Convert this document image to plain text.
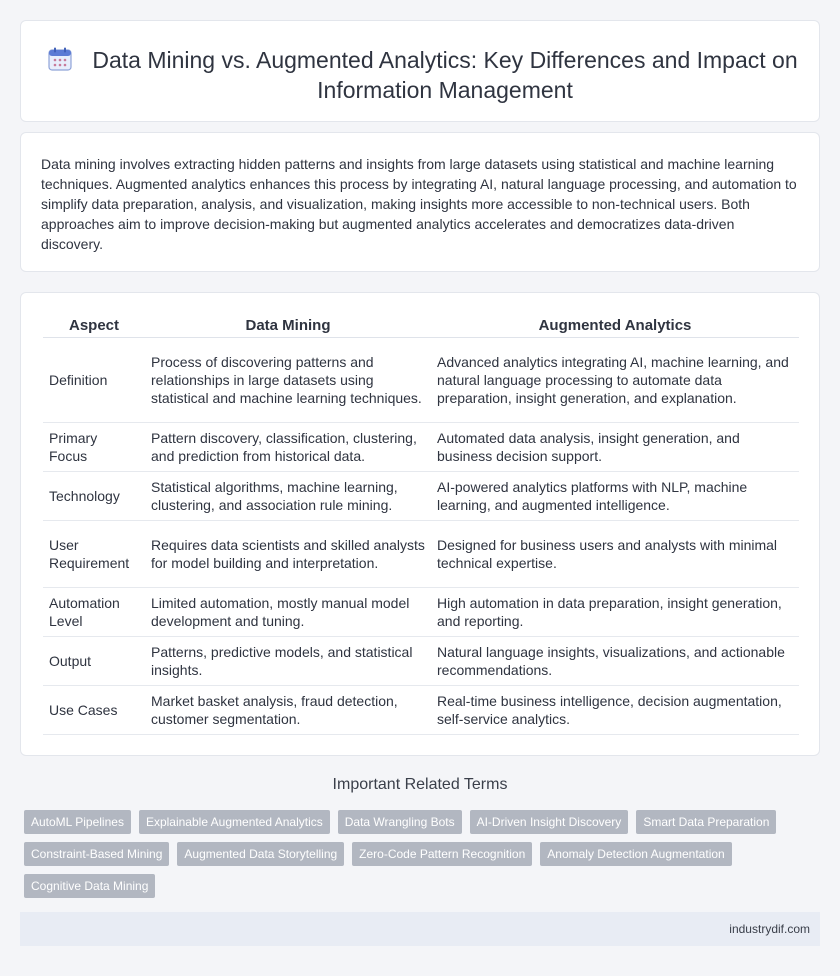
Data Mining vs. Augmented Analytics: Key Differences and Impact on Information Management

Data mining involves extracting hidden patterns and insights from large datasets using statistical and machine learning techniques. Augmented analytics enhances this process by integrating AI, natural language processing, and automation to simplify data preparation, analysis, and visualization, making insights more accessible to non-technical users. Both approaches aim to improve decision-making but augmented analytics accelerates and democratizes data-driven discovery.

Aspect	Data Mining	Augmented Analytics
Definition	Process of discovering patterns and relationships in large datasets using statistical and machine learning techniques.	Advanced analytics integrating AI, machine learning, and natural language processing to automate data preparation, insight generation, and explanation.
Primary Focus	Pattern discovery, classification, clustering, and prediction from historical data.	Automated data analysis, insight generation, and business decision support.
Technology	Statistical algorithms, machine learning, clustering, and association rule mining.	AI-powered analytics platforms with NLP, machine learning, and augmented intelligence.
User Requirement	Requires data scientists and skilled analysts for model building and interpretation.	Designed for business users and analysts with minimal technical expertise.
Automation Level	Limited automation, mostly manual model development and tuning.	High automation in data preparation, insight generation, and reporting.
Output	Patterns, predictive models, and statistical insights.	Natural language insights, visualizations, and actionable recommendations.
Use Cases	Market basket analysis, fraud detection, customer segmentation.	Real-time business intelligence, decision augmentation, self-service analytics.
Important Related Terms
AutoML Pipelines	Explainable Augmented Analytics	Data Wrangling Bots	AI-Driven Insight Discovery	Smart Data Preparation
Constraint-Based Mining	Augmented Data Storytelling	Zero-Code Pattern Recognition	Anomaly Detection Augmentation
Cognitive Data Mining
industrydif.com
